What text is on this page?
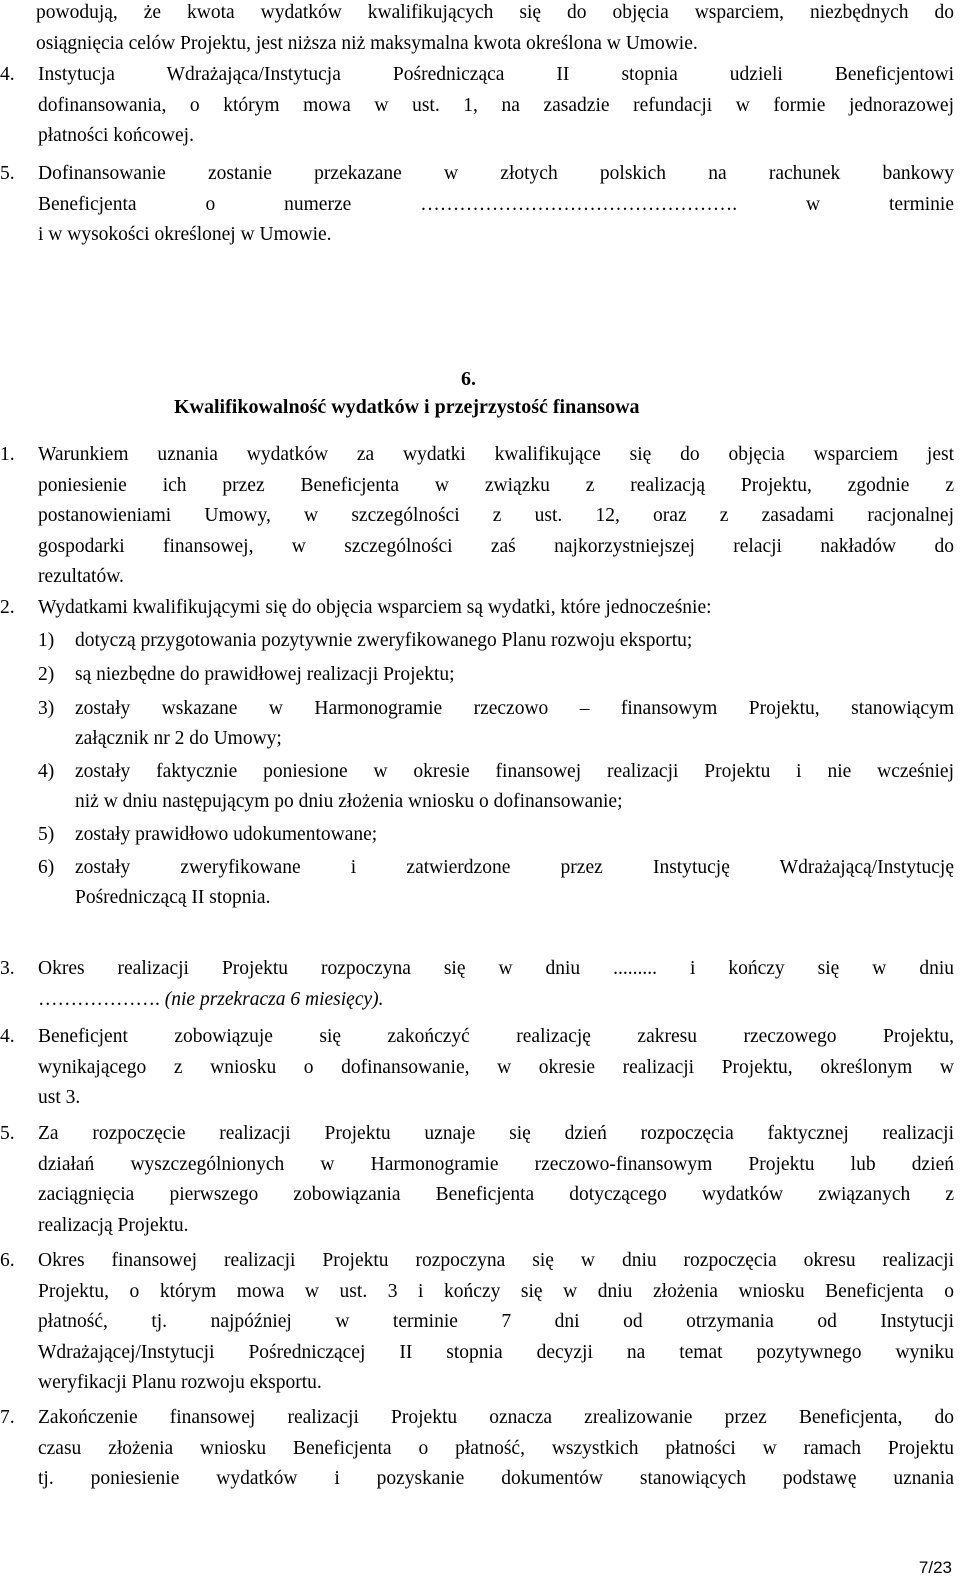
powodują, że kwota wydatków kwalifikujących się do objęcia wsparciem, niezbędnych do
osiągnięcia celów Projektu, jest niższa niż maksymalna kwota określona w Umowie.
4. Instytucja Wdrażająca/Instytucja Pośrednicząca II stopnia udzieli Beneficjentowi
dofinansowania, o którym mowa w ust. 1, na zasadzie refundacji w formie jednorazowej
płatności końcowej.
5. Dofinansowanie zostanie przekazane w złotych polskich na rachunek bankowy
Beneficjenta o numerze …………………………………………. w terminie
i w wysokości określonej w Umowie.
6.
Kwalifikowalność wydatków i przejrzystość finansowa
1. Warunkiem uznania wydatków za wydatki kwalifikujące się do objęcia wsparciem jest
poniesienie ich przez Beneficjenta w związku z realizacją Projektu, zgodnie z
postanowieniami Umowy, w szczególności z ust. 12, oraz z zasadami racjonalnej
gospodarki finansowej, w szczególności zaś najkorzystniejszej relacji nakładów do
rezultatów.
2. Wydatkami kwalifikującymi się do objęcia wsparciem są wydatki, które jednocześnie:
1)	dotyczą przygotowania pozytywnie zweryfikowanego Planu rozwoju eksportu;
2)	są niezbędne do prawidłowej realizacji Projektu;
3)	zostały wskazane w Harmonogramie rzeczowo – finansowym Projektu, stanowiącym
załącznik nr 2 do Umowy;
4)	zostały faktycznie poniesione w okresie finansowej realizacji Projektu i nie wcześniej
niż w dniu następującym po dniu złożenia wniosku o dofinansowanie;
5)	zostały prawidłowo udokumentowane;
6)	zostały zweryfikowane i zatwierdzone przez Instytucję Wdrażającą/Instytucję
Pośredniczącą II stopnia.
3. Okres realizacji Projektu rozpoczyna się w dniu ......... i kończy się w dniu
………………. (nie przekracza 6 miesięcy).
4. Beneficjent zobowiązuje się zakończyć realizację zakresu rzeczowego Projektu,
wynikającego z wniosku o dofinansowanie, w okresie realizacji Projektu, określonym w
ust 3.
5. Za rozpoczęcie realizacji Projektu uznaje się dzień rozpoczęcia faktycznej realizacji
działań wyszczególnionych w Harmonogramie rzeczowo-finansowym Projektu lub dzień
zaciągnięcia pierwszego zobowiązania Beneficjenta dotyczącego wydatków związanych z
realizacją Projektu.
6. Okres finansowej realizacji Projektu rozpoczyna się w dniu rozpoczęcia okresu realizacji
Projektu, o którym mowa w ust. 3 i kończy się w dniu złożenia wniosku Beneficjenta o
płatność, tj. najpóźniej w terminie 7 dni od otrzymania od Instytucji
Wdrażającej/Instytucji Pośredniczącej II stopnia decyzji na temat pozytywnego wyniku
weryfikacji Planu rozwoju eksportu.
7. Zakończenie finansowej realizacji Projektu oznacza zrealizowanie przez Beneficjenta, do
czasu złożenia wniosku Beneficjenta o płatność, wszystkich płatności w ramach Projektu
tj. poniesienie wydatków i pozyskanie dokumentów stanowiących podstawę uznania
7/23
